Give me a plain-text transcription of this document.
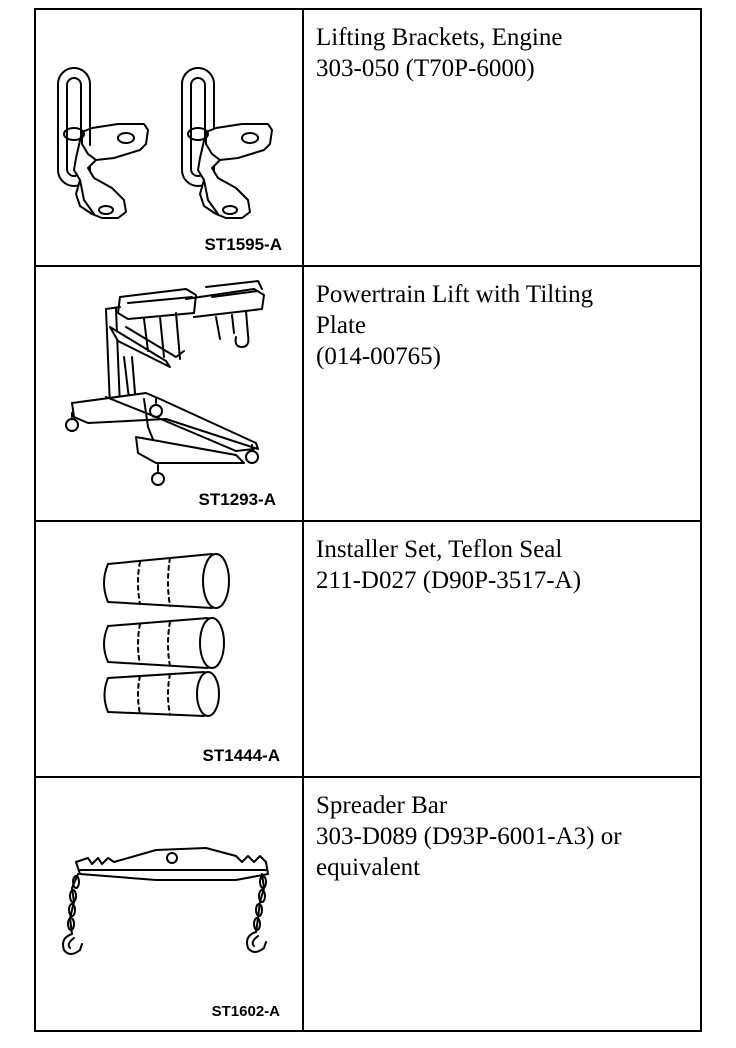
ST1595-A
Lifting Brackets, Engine
303-050 (T70P-6000)
ST1293-A
Powertrain Lift with Tilting
Plate
(014-00765)
ST1444-A
Installer Set, Teflon Seal
211-D027 (D90P-3517-A)
ST1602-A
Spreader Bar
303-D089 (D93P-6001-A3) or
equivalent
